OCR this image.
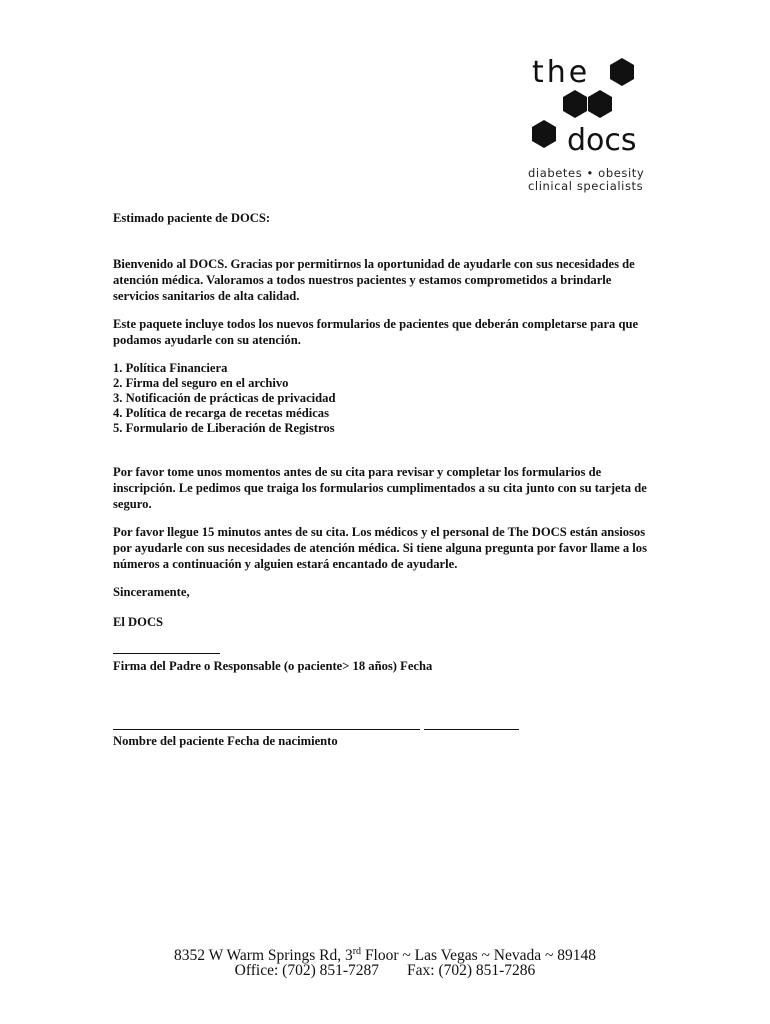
the
docs
diabetes • obesity
clinical specialists

Estimado paciente de DOCS:

Bienvenido al DOCS. Gracias por permitirnos la oportunidad de ayudarle con sus necesidades de atención médica. Valoramos a todos nuestros pacientes y estamos comprometidos a brindarle servicios sanitarios de alta calidad.

Este paquete incluye todos los nuevos formularios de pacientes que deberán completarse para que podamos ayudarle con su atención.

1. Política Financiera
2. Firma del seguro en el archivo
3. Notificación de prácticas de privacidad
4. Política de recarga de recetas médicas
5. Formulario de Liberación de Registros

Por favor tome unos momentos antes de su cita para revisar y completar los formularios de inscripción. Le pedimos que traiga los formularios cumplimentados a su cita junto con su tarjeta de seguro.

Por favor llegue 15 minutos antes de su cita. Los médicos y el personal de The DOCS están ansiosos por ayudarle con sus necesidades de atención médica. Si tiene alguna pregunta por favor llame a los números a continuación y alguien estará encantado de ayudarle.

Sinceramente,

El DOCS

Firma del Padre o Responsable (o paciente> 18 años) Fecha

Nombre del paciente Fecha de nacimiento

8352 W Warm Springs Rd, 3rd Floor ~ Las Vegas ~ Nevada ~ 89148
Office: (702) 851-7287 Fax: (702) 851-7286
